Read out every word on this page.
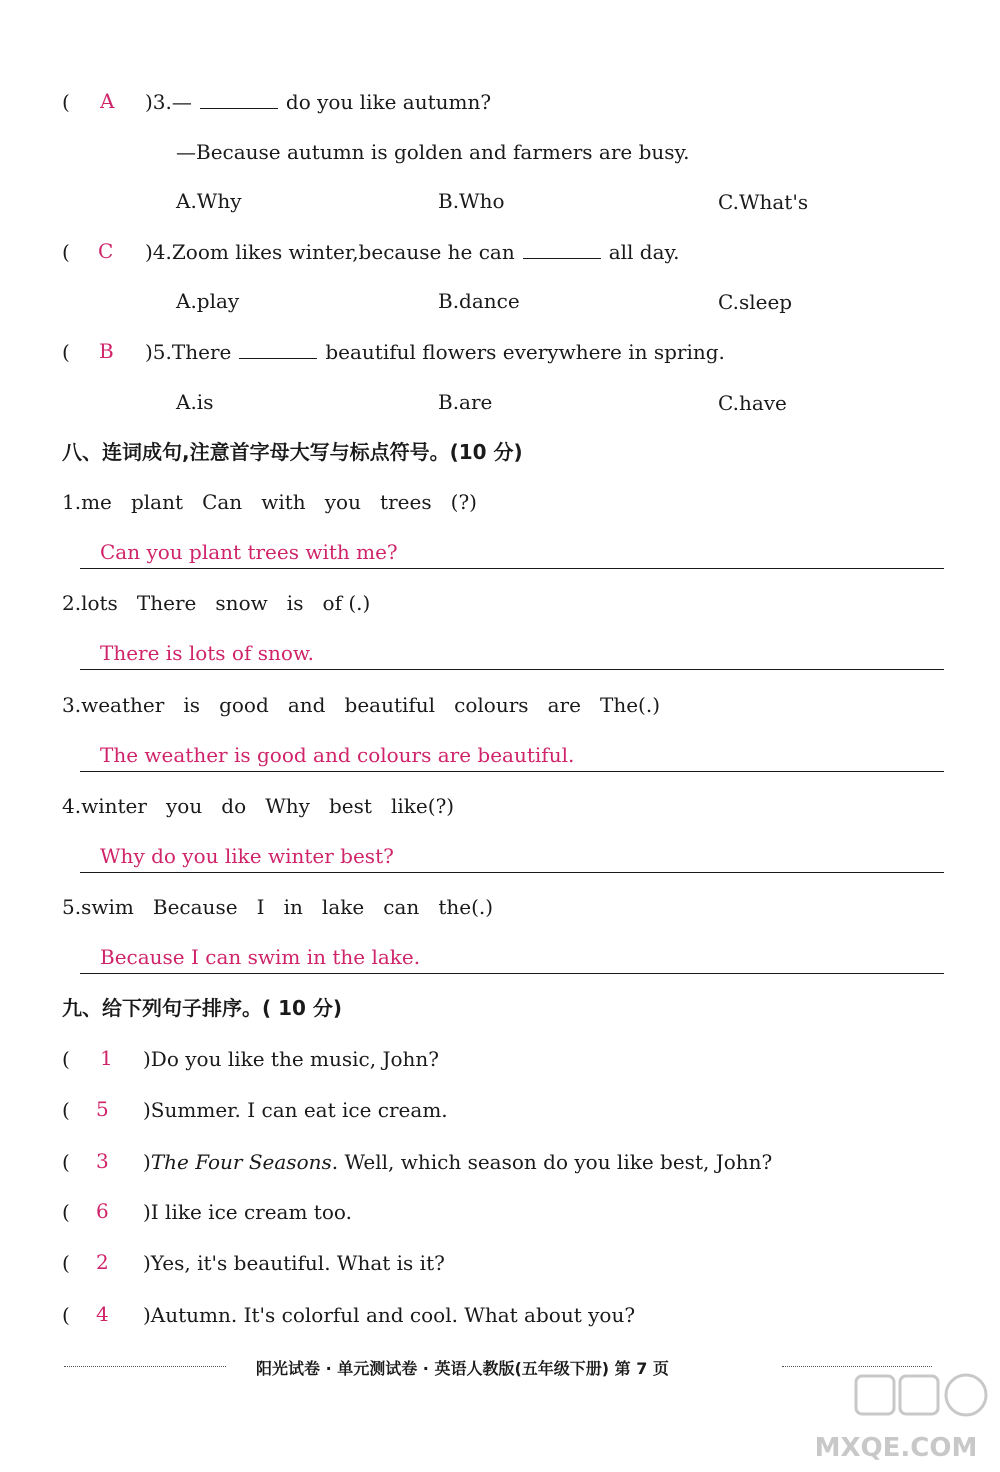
( A )3.—	do you like autumn?
—Because autumn is golden and farmers are busy.
A.Why	B.Who	C.What's
( C )4.Zoom likes winter,because he can	all day.
A.play	B.dance	C.sleep
( B )5.There	beautiful flowers everywhere in spring.
A.is	B.are	C.have
八、连词成句,注意首字母大写与标点符号。(10 分)
1.me   plant   Can   with   you   trees   (?)
Can you plant trees with me?
2.lots   There   snow   is   of (.)
There is lots of snow.
3.weather   is   good   and   beautiful   colours   are   The(.)
The weather is good and colours are beautiful.
4.winter   you   do   Why   best   like(?)
Why do you like winter best?
5.swim   Because   I   in   lake   can   the(.)
Because I can swim in the lake.
九、给下列句子排序。( 10 分)
( 1 )Do you like the music, John?
( 5 )Summer. I can eat ice cream.
( 3 )The Four Seasons. Well, which season do you like best, John?
( 6 )I like ice cream too.
( 2 )Yes, it's beautiful. What is it?
( 4 )Autumn. It's colorful and cool. What about you?
阳光试卷 · 单元测试卷 · 英语人教版(五年级下册) 第 7 页
MXQE.COM
